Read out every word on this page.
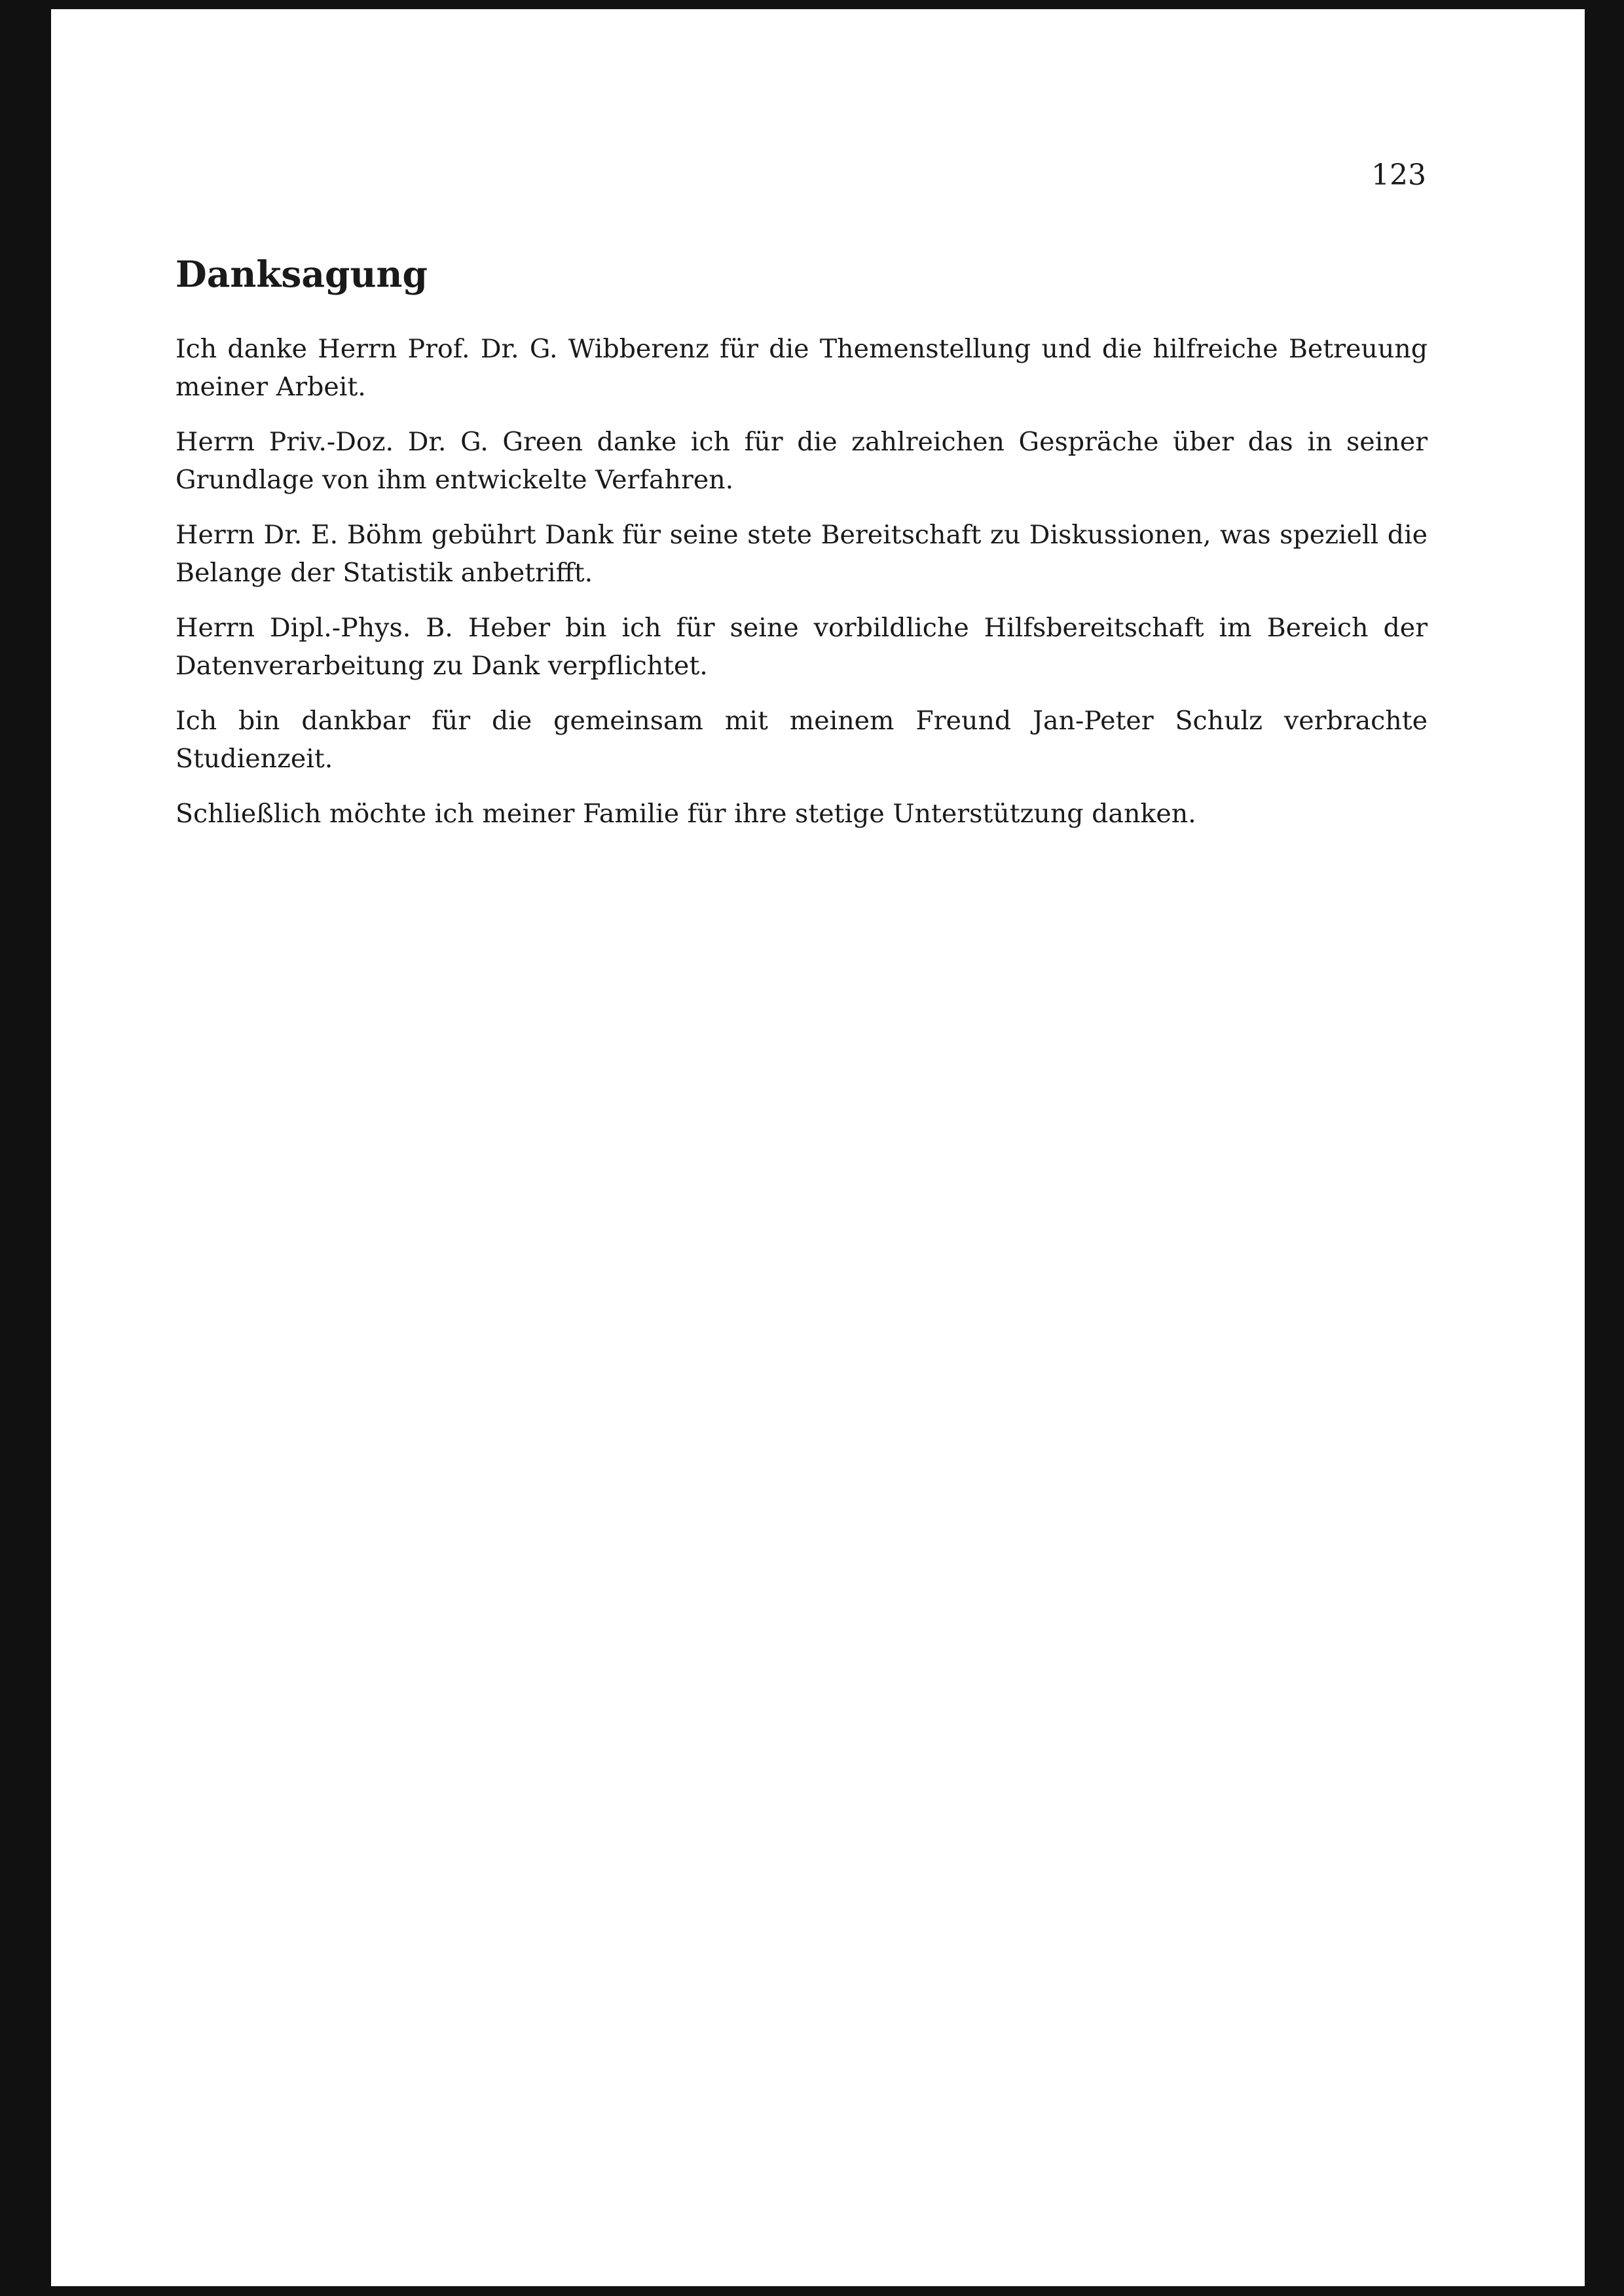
123

Danksagung

Ich danke Herrn Prof. Dr. G. Wibberenz für die Themenstellung und die hilfreiche Betreuung meiner Arbeit.

Herrn Priv.-Doz. Dr. G. Green danke ich für die zahlreichen Gespräche über das in seiner Grundlage von ihm entwickelte Verfahren.

Herrn Dr. E. Böhm gebührt Dank für seine stete Bereitschaft zu Diskussionen, was speziell die Belange der Statistik anbetrifft.

Herrn Dipl.-Phys. B. Heber bin ich für seine vorbildliche Hilfsbereitschaft im Bereich der Datenverarbeitung zu Dank verpflichtet.

Ich bin dankbar für die gemeinsam mit meinem Freund Jan-Peter Schulz verbrachte Studienzeit.

Schließlich möchte ich meiner Familie für ihre stetige Unterstützung danken.
